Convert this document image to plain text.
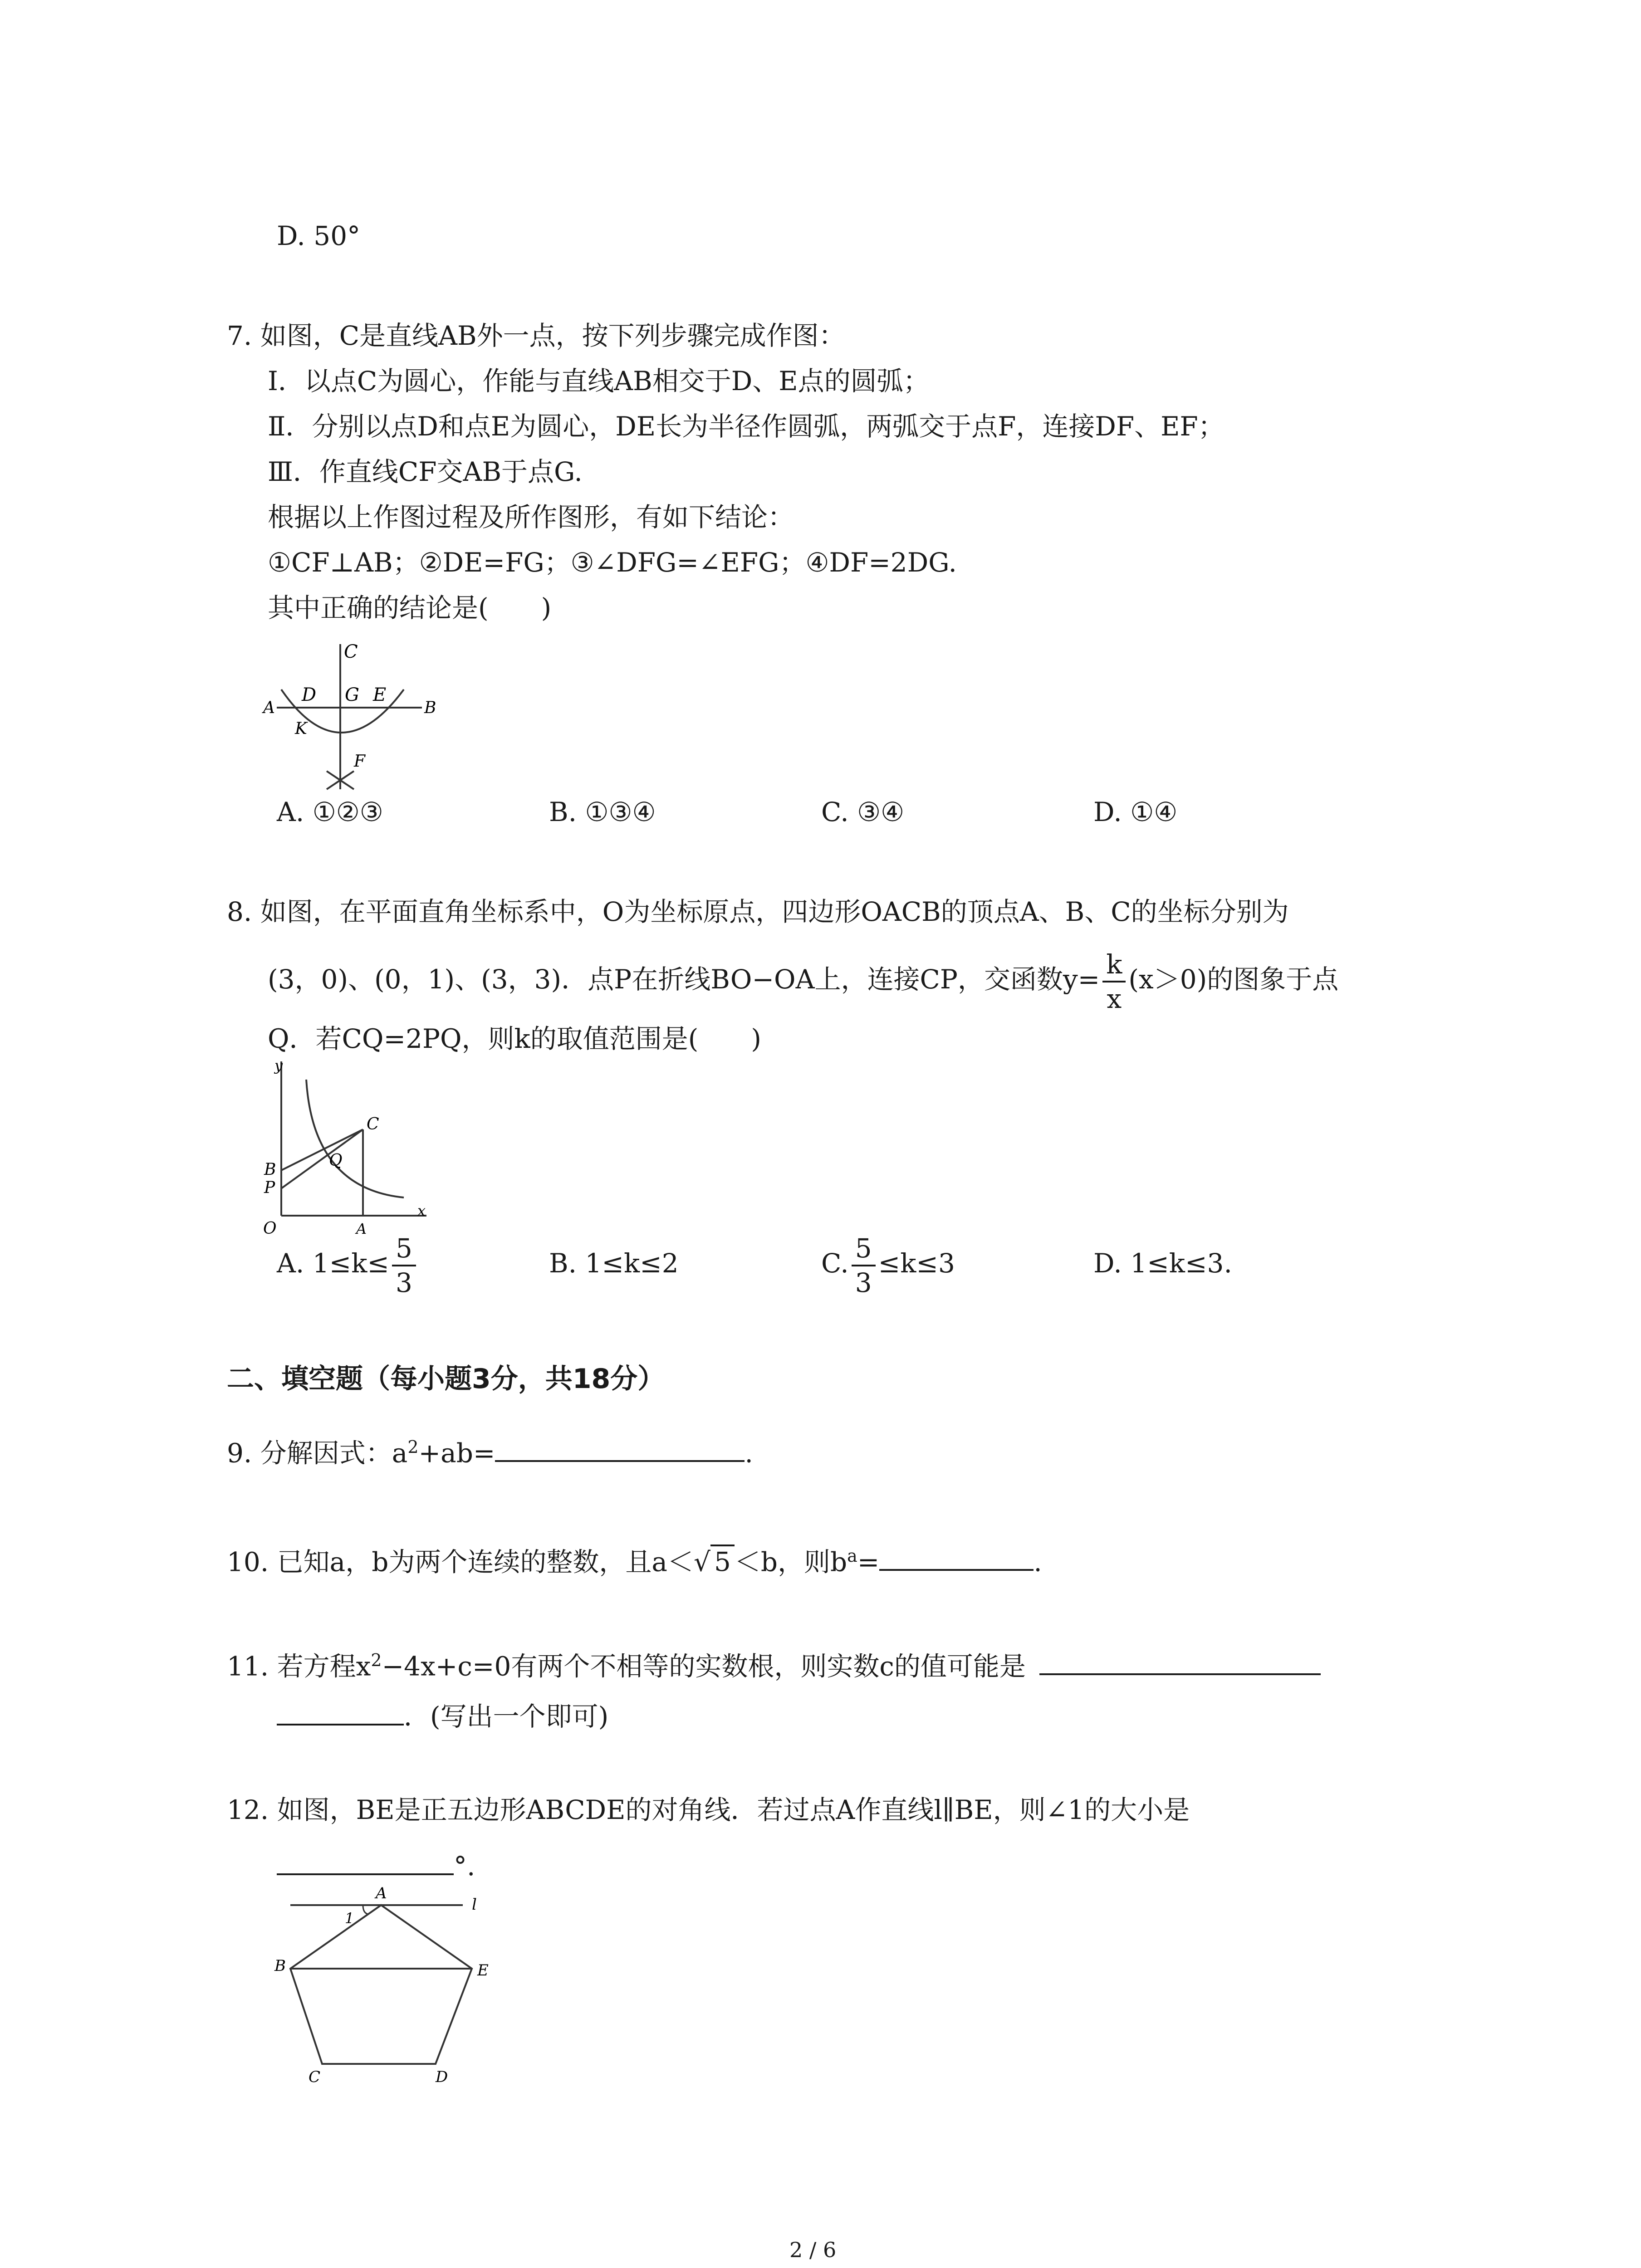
D. 50°
7. 如图，C是直线AB外一点，按下列步骤完成作图：
Ⅰ．以点C为圆心，作能与直线AB相交于D、E点的圆弧；
Ⅱ．分别以点D和点E为圆心，DE长为半径作圆弧，两弧交于点F，连接DF、EF；
Ⅲ．作直线CF交AB于点G.
根据以上作图过程及所作图形，有如下结论：
①CF⊥AB；②DE=FG；③∠DFG=∠EFG；④DF=2DG.
其中正确的结论是(　　)
C
A
D G E
B
K
F
A. ①②③	B. ①③④	C. ③④	D. ①④
8. 如图，在平面直角坐标系中，O为坐标原点，四边形OACB的顶点A、B、C的坐标分别为
(3，0)、(0，1)、(3，3)．点P在折线BO−OA上，连接CP，交函数$y= \frac{k}{x} (x>0)$的图象于点
Q．若CQ=2PQ，则k的取值范围是(　　)
y
x
O	A
B
P
Q
C
A. $1\le k\le \frac{5}{3}$	B. 1≤k≤2	C. $\frac{5}{3} \le k\le 3$	D. 1≤k≤3.
二、填空题（每小题3分，共18分）
9. 分解因式：$a^2+ab=$	.
10. 已知a，b为两个连续的整数，且a＜√ 5 ＜b，则$b^a=$	.
11. 若方程$x^2-4x+c=0$有两个不相等的实数根，则实数c的值可能是
．(写出一个即可)
12. 如图，BE是正五边形ABCDE的对角线．若过点A作直线l∥BE，则∠1的大小是
°.
A
l
1
B	E
C	D
2 / 6
